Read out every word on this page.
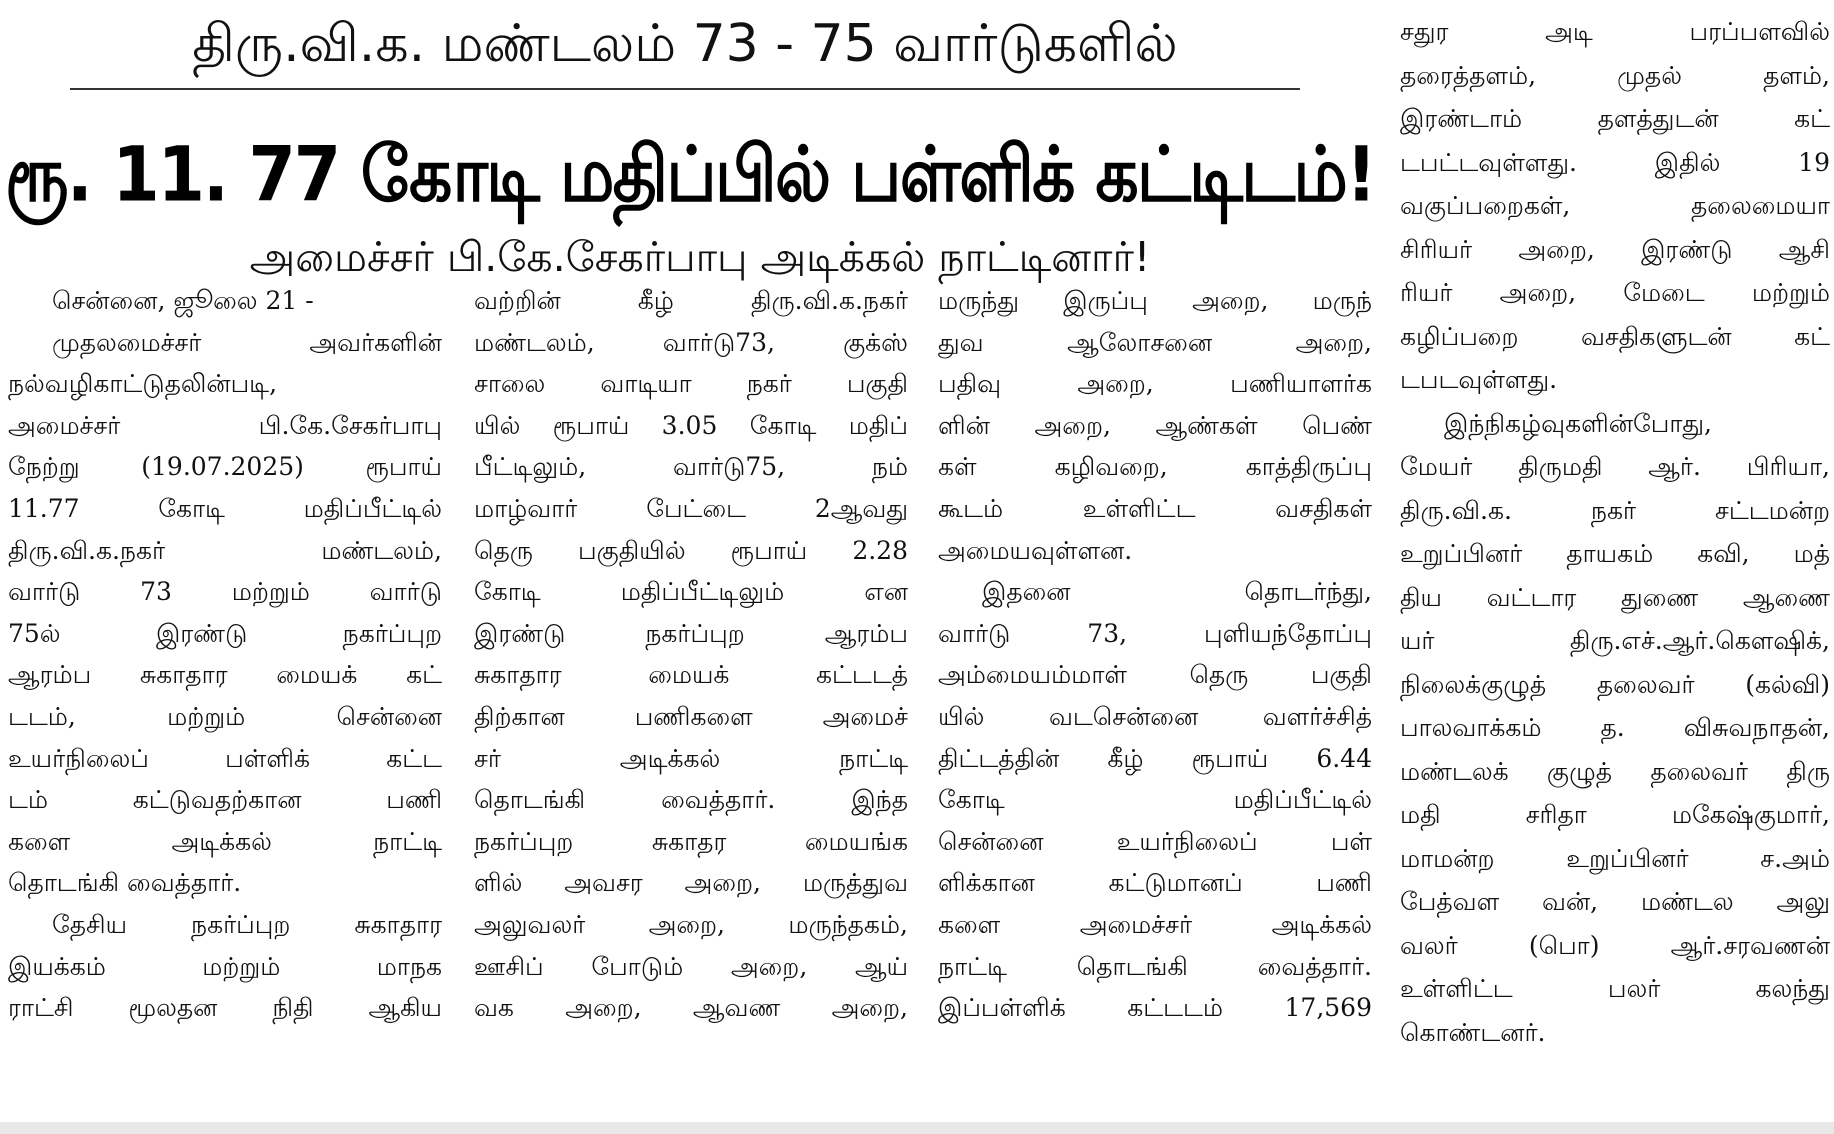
திரு.வி.க. மண்டலம் 73 - 75 வார்டுகளில்
ரூ. 11. 77 கோடி மதிப்பில் பள்ளிக் கட்டிடம்!
அமைச்சர் பி.கே.சேகர்பாபு அடிக்கல் நாட்டினார்!
சென்னை, ஜூலை 21 -
முதலமைச்சர் அவர்களின்
நல்வழிகாட்டுதலின்படி,
அமைச்சர் பி.கே.சேகர்பாபு
நேற்று (19.07.2025) ரூபாய்
11.77 கோடி மதிப்பீட்டில்
திரு.வி.க.நகர் மண்டலம்,
வார்டு 73 மற்றும் வார்டு
75ல் இரண்டு நகர்ப்புற
ஆரம்ப சுகாதார மையக் கட்
டடம், மற்றும் சென்னை
உயர்நிலைப் பள்ளிக் கட்ட
டம் கட்டுவதற்கான பணி
களை அடிக்கல் நாட்டி
தொடங்கி வைத்தார்.
தேசிய நகர்ப்புற சுகாதார
இயக்கம் மற்றும் மாநக
ராட்சி மூலதன நிதி ஆகிய
வற்றின் கீழ் திரு.வி.க.நகர்
மண்டலம், வார்டு73, குக்ஸ்
சாலை வாடியா நகர் பகுதி
யில் ரூபாய் 3.05 கோடி மதிப்
பீட்டிலும், வார்டு75, நம்
மாழ்வார் பேட்டை 2ஆவது
தெரு பகுதியில் ரூபாய் 2.28
கோடி மதிப்பீட்டிலும் என
இரண்டு நகர்ப்புற ஆரம்ப
சுகாதார மையக் கட்டடத்
திற்கான பணிகளை அமைச்
சர் அடிக்கல் நாட்டி
தொடங்கி வைத்தார். இந்த
நகர்ப்புற சுகாதர மையங்க
ளில் அவசர அறை, மருத்துவ
அலுவலர் அறை, மருந்தகம்,
ஊசிப் போடும் அறை, ஆய்
வக அறை, ஆவண அறை,
மருந்து இருப்பு அறை, மருந்
துவ ஆலோசனை அறை,
பதிவு அறை, பணியாளர்க
ளின் அறை, ஆண்கள் பெண்
கள் கழிவறை, காத்திருப்பு
கூடம் உள்ளிட்ட வசதிகள்
அமையவுள்ளன.
இதனை தொடர்ந்து,
வார்டு 73, புளியந்தோப்பு
அம்மையம்மாள் தெரு பகுதி
யில் வடசென்னை வளர்ச்சித்
திட்டத்தின் கீழ் ரூபாய் 6.44
கோடி மதிப்பீட்டில்
சென்னை உயர்நிலைப் பள்
ளிக்கான கட்டுமானப் பணி
களை அமைச்சர் அடிக்கல்
நாட்டி தொடங்கி வைத்தார்.
இப்பள்ளிக் கட்டடம் 17,569
சதுர அடி பரப்பளவில்
தரைத்தளம், முதல் தளம்,
இரண்டாம் தளத்துடன் கட்
டபட்டவுள்ளது. இதில் 19
வகுப்பறைகள், தலைமையா
சிரியர் அறை, இரண்டு ஆசி
ரியர் அறை, மேடை மற்றும்
கழிப்பறை வசதிகளுடன் கட்
டபடவுள்ளது.
இந்நிகழ்வுகளின்போது,
மேயர் திருமதி ஆர். பிரியா,
திரு.வி.க. நகர் சட்டமன்ற
உறுப்பினர் தாயகம் கவி, மத்
திய வட்டார துணை ஆணை
யர் திரு.எச்.ஆர்.கௌஷிக்,
நிலைக்குழுத் தலைவர் (கல்வி)
பாலவாக்கம் த. விசுவநாதன்,
மண்டலக் குழுத் தலைவர் திரு
மதி சரிதா மகேஷ்குமார்,
மாமன்ற உறுப்பினர் ச.அம்
பேத்வள வன், மண்டல அலு
வலர் (பொ) ஆர்.சரவணன்
உள்ளிட்ட பலர் கலந்து
கொண்டனர்.
